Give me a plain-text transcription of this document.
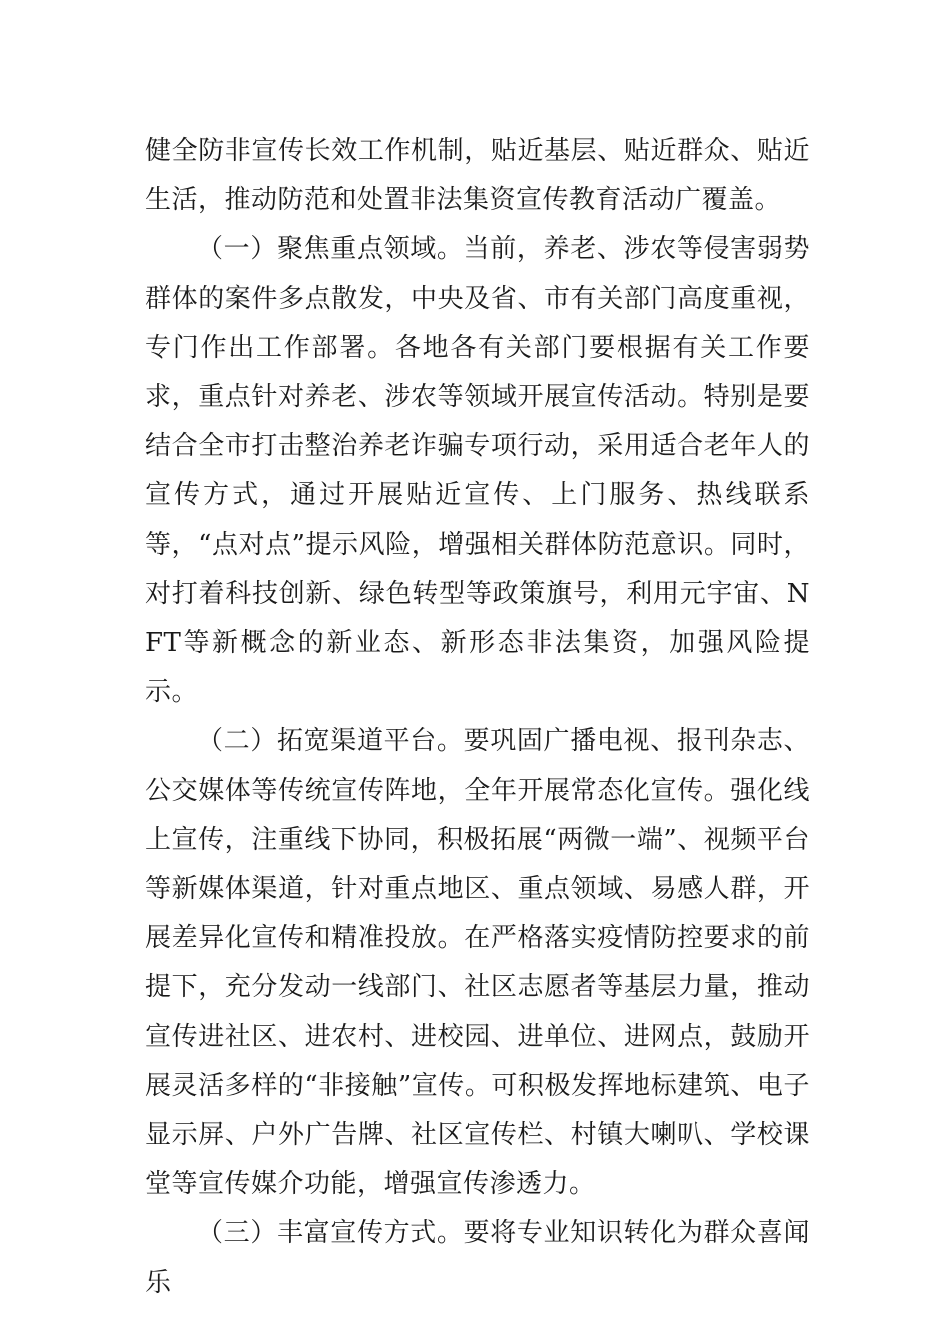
健全防非宣传长效工作机制，贴近基层、贴近群众、贴近生活，推动防范和处置非法集资宣传教育活动广覆盖。

（一）聚焦重点领域。当前，养老、涉农等侵害弱势群体的案件多点散发，中央及省、市有关部门高度重视，专门作出工作部署。各地各有关部门要根据有关工作要求，重点针对养老、涉农等领域开展宣传活动。特别是要结合全市打击整治养老诈骗专项行动，采用适合老年人的宣传方式，通过开展贴近宣传、上门服务、热线联系等，“点对点”提示风险，增强相关群体防范意识。同时，对打着科技创新、绿色转型等政策旗号，利用元宇宙、NFT等新概念的新业态、新形态非法集资，加强风险提示。

（二）拓宽渠道平台。要巩固广播电视、报刊杂志、公交媒体等传统宣传阵地，全年开展常态化宣传。强化线上宣传，注重线下协同，积极拓展“两微一端”、视频平台等新媒体渠道，针对重点地区、重点领域、易感人群，开展差异化宣传和精准投放。在严格落实疫情防控要求的前提下，充分发动一线部门、社区志愿者等基层力量，推动宣传进社区、进农村、进校园、进单位、进网点，鼓励开展灵活多样的“非接触”宣传。可积极发挥地标建筑、电子显示屏、户外广告牌、社区宣传栏、村镇大喇叭、学校课堂等宣传媒介功能，增强宣传渗透力。

（三）丰富宣传方式。要将专业知识转化为群众喜闻乐
